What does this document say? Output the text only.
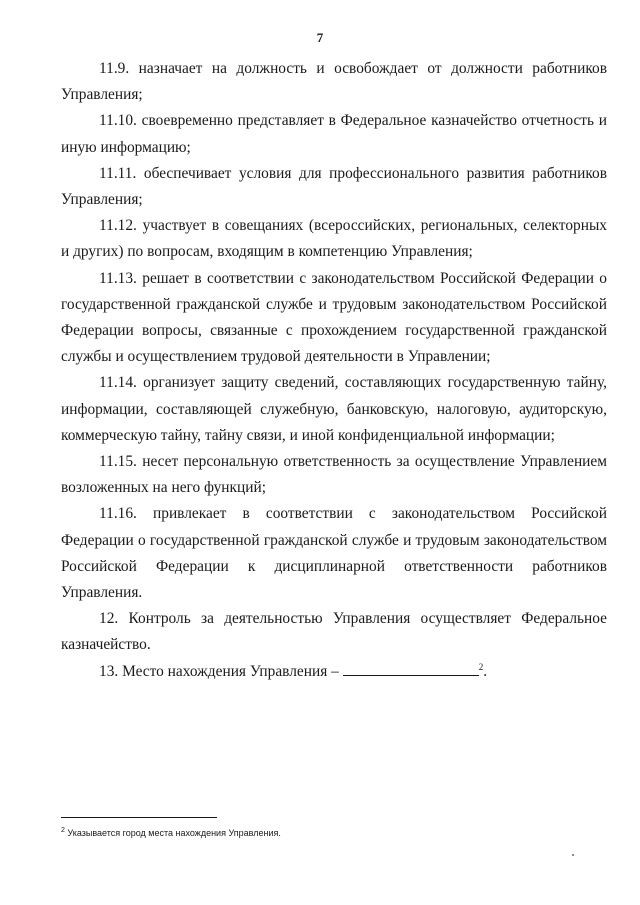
7

11.9. назначает на должность и освобождает от должности работников Управления;

11.10. своевременно представляет в Федеральное казначейство отчетность и иную информацию;

11.11. обеспечивает условия для профессионального развития работников Управления;

11.12. участвует в совещаниях (всероссийских, региональных, селекторных и других) по вопросам, входящим в компетенцию Управления;

11.13. решает в соответствии с законодательством Российской Федерации о государственной гражданской службе и трудовым законодательством Российской Федерации вопросы, связанные с прохождением государственной гражданской службы и осуществлением трудовой деятельности в Управлении;

11.14. организует защиту сведений, составляющих государственную тайну, информации, составляющей служебную, банковскую, налоговую, аудиторскую, коммерческую тайну, тайну связи, и иной конфиденциальной информации;

11.15. несет персональную ответственность за осуществление Управлением возложенных на него функций;

11.16. привлекает в соответствии с законодательством Российской Федерации о государственной гражданской службе и трудовым законодательством Российской Федерации к дисциплинарной ответственности работников Управления.

12. Контроль за деятельностью Управления осуществляет Федеральное казначейство.

13. Место нахождения Управления –	$^2$.

$^2$ Указывается город места нахождения Управления.
